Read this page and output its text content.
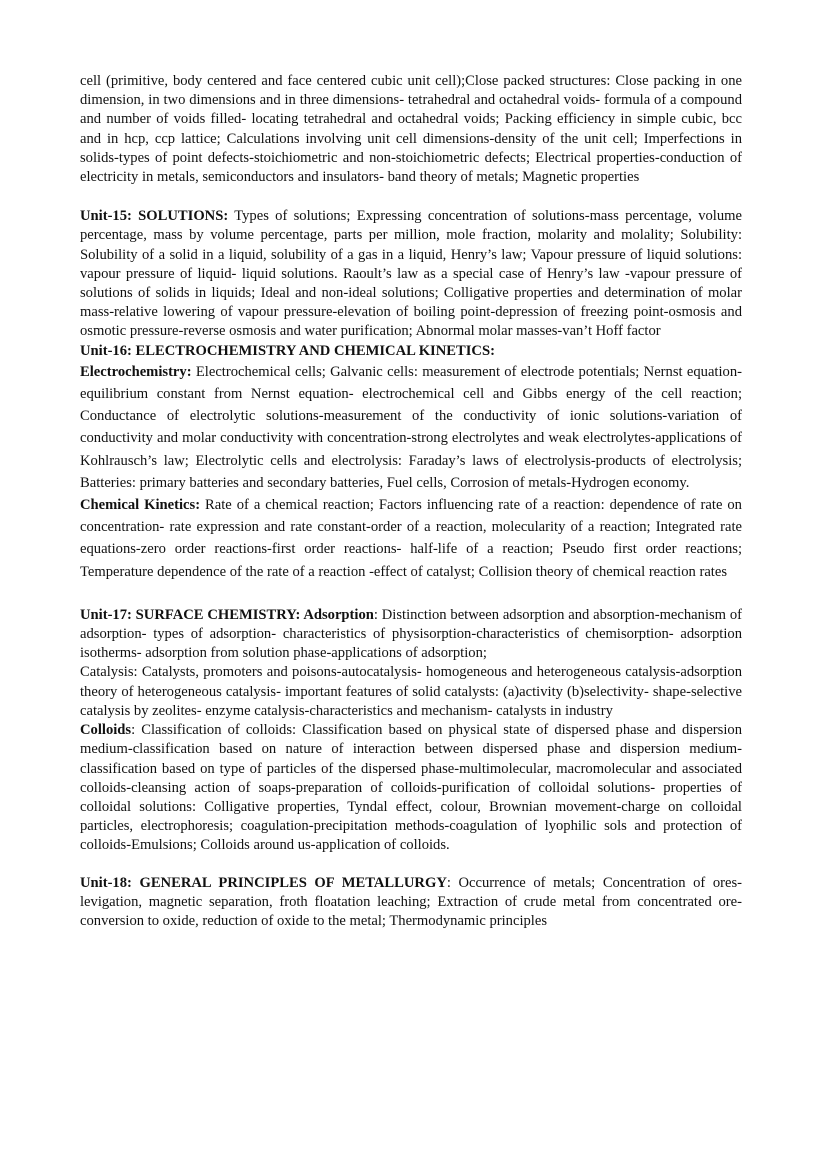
cell (primitive, body centered and face centered cubic unit cell);Close packed structures: Close packing in one dimension, in two dimensions and in three dimensions- tetrahedral and octahedral voids- formula of a compound and number of voids filled- locating tetrahedral and octahedral voids; Packing efficiency in simple cubic, bcc and in hcp, ccp lattice; Calculations involving unit cell dimensions-density of the unit cell; Imperfections in solids-types of point defects-stoichiometric and non-stoichiometric defects; Electrical properties-conduction of electricity in metals, semiconductors and insulators- band theory of metals; Magnetic properties

Unit-15: SOLUTIONS: Types of solutions; Expressing concentration of solutions-mass percentage, volume percentage, mass by volume percentage, parts per million, mole fraction, molarity and molality; Solubility: Solubility of a solid in a liquid, solubility of a gas in a liquid, Henry’s law; Vapour pressure of liquid solutions: vapour pressure of liquid- liquid solutions. Raoult’s law as a special case of Henry’s law -vapour pressure of solutions of solids in liquids; Ideal and non-ideal solutions; Colligative properties and determination of molar mass-relative lowering of vapour pressure-elevation of boiling point-depression of freezing point-osmosis and osmotic pressure-reverse osmosis and water purification; Abnormal molar masses-van’t Hoff factor

Unit-16: ELECTROCHEMISTRY AND CHEMICAL KINETICS:

Electrochemistry: Electrochemical cells; Galvanic cells: measurement of electrode potentials; Nernst equation- equilibrium constant from Nernst equation- electrochemical cell and Gibbs energy of the cell reaction; Conductance of electrolytic solutions-measurement of the conductivity of ionic solutions-variation of conductivity and molar conductivity with concentration-strong electrolytes and weak electrolytes-applications of Kohlrausch’s law; Electrolytic cells and electrolysis: Faraday’s laws of electrolysis-products of electrolysis; Batteries: primary batteries and secondary batteries, Fuel cells, Corrosion of metals-Hydrogen economy.

Chemical Kinetics: Rate of a chemical reaction; Factors influencing rate of a reaction: dependence of rate on concentration- rate expression and rate constant-order of a reaction, molecularity of a reaction; Integrated rate equations-zero order reactions-first order reactions- half-life of a reaction; Pseudo first order reactions; Temperature dependence of the rate of a reaction -effect of catalyst; Collision theory of chemical reaction rates

Unit-17: SURFACE CHEMISTRY: Adsorption: Distinction between adsorption and absorption-mechanism of adsorption- types of adsorption- characteristics of physisorption-characteristics of chemisorption- adsorption isotherms- adsorption from solution phase-applications of adsorption;

Catalysis: Catalysts, promoters and poisons-autocatalysis- homogeneous and heterogeneous catalysis-adsorption theory of heterogeneous catalysis- important features of solid catalysts: (a)activity (b)selectivity- shape-selective catalysis by zeolites- enzyme catalysis-characteristics and mechanism- catalysts in industry

Colloids: Classification of colloids: Classification based on physical state of dispersed phase and dispersion medium-classification based on nature of interaction between dispersed phase and dispersion medium- classification based on type of particles of the dispersed phase-multimolecular, macromolecular and associated colloids-cleansing action of soaps-preparation of colloids-purification of colloidal solutions- properties of colloidal solutions: Colligative properties, Tyndal effect, colour, Brownian movement-charge on colloidal particles, electrophoresis; coagulation-precipitation methods-coagulation of lyophilic sols and protection of colloids-Emulsions; Colloids around us-application of colloids.

Unit-18: GENERAL PRINCIPLES OF METALLURGY: Occurrence of metals; Concentration of ores- levigation, magnetic separation, froth floatation leaching; Extraction of crude metal from concentrated ore-conversion to oxide, reduction of oxide to the metal; Thermodynamic principles
